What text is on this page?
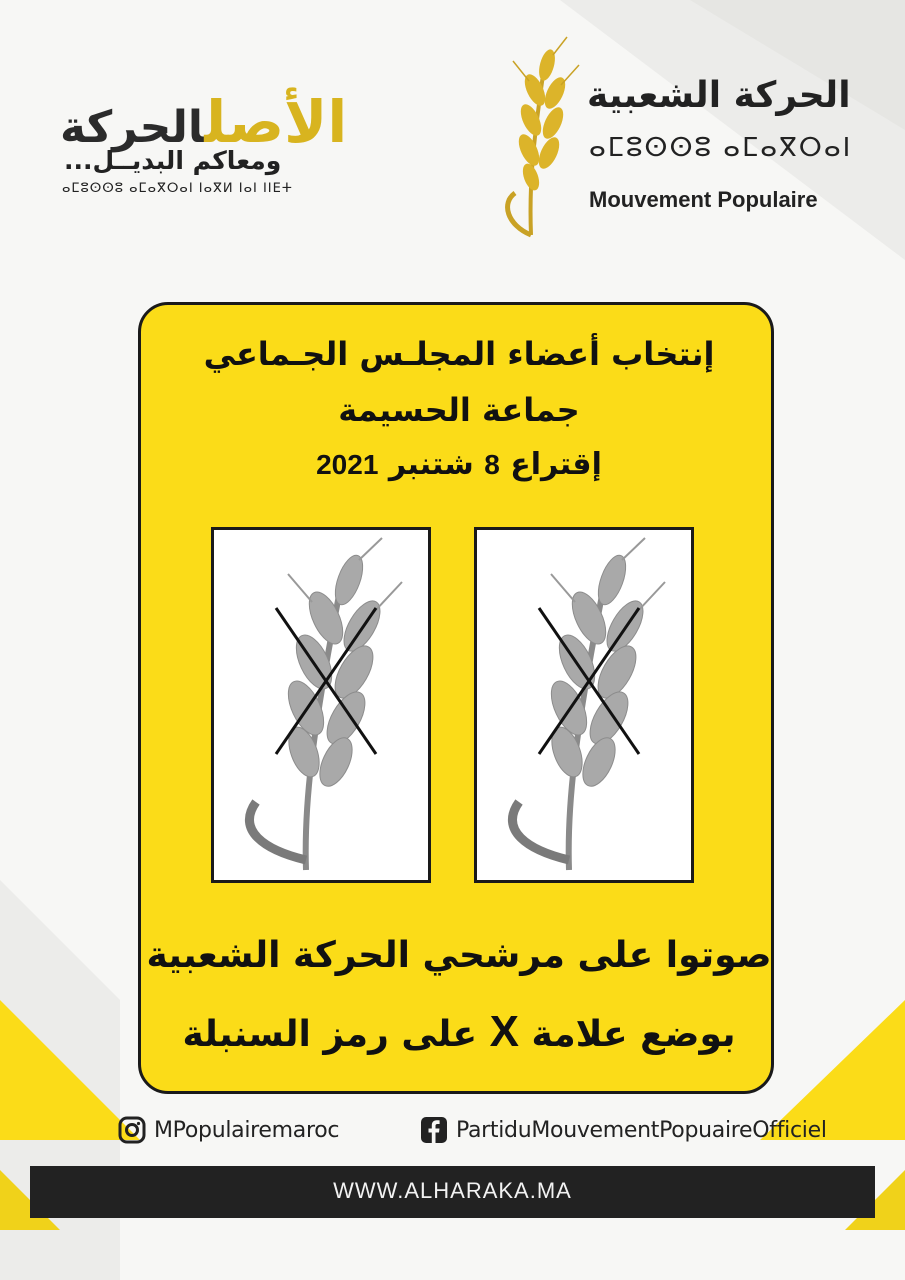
الأصلالحركة
ومعاكم البديــل...
ⴰⵎⵓⵙⵙⵓ ⴰⵎⴰⴳⵔⴰⵏ ⵏⴰⴳⵍ ⵏⴰⵏ ⵏⵏⴹⵜ
الحركة الشعبية
ⴰⵎⵓⵙⵙⵓ ⴰⵎⴰⴳⵔⴰⵏ
Mouvement Populaire
إنتخاب أعضاء المجلـس الجـماعي
جماعة الحسيمة
إقتراع 8 شتنبر 2021
صوتوا على مرشحي الحركة الشعبية
بوضع علامة X على رمز السنبلة
MPopulairemaroc	PartiduMouvementPopuaireOfficiel
WWW.ALHARAKA.MA
